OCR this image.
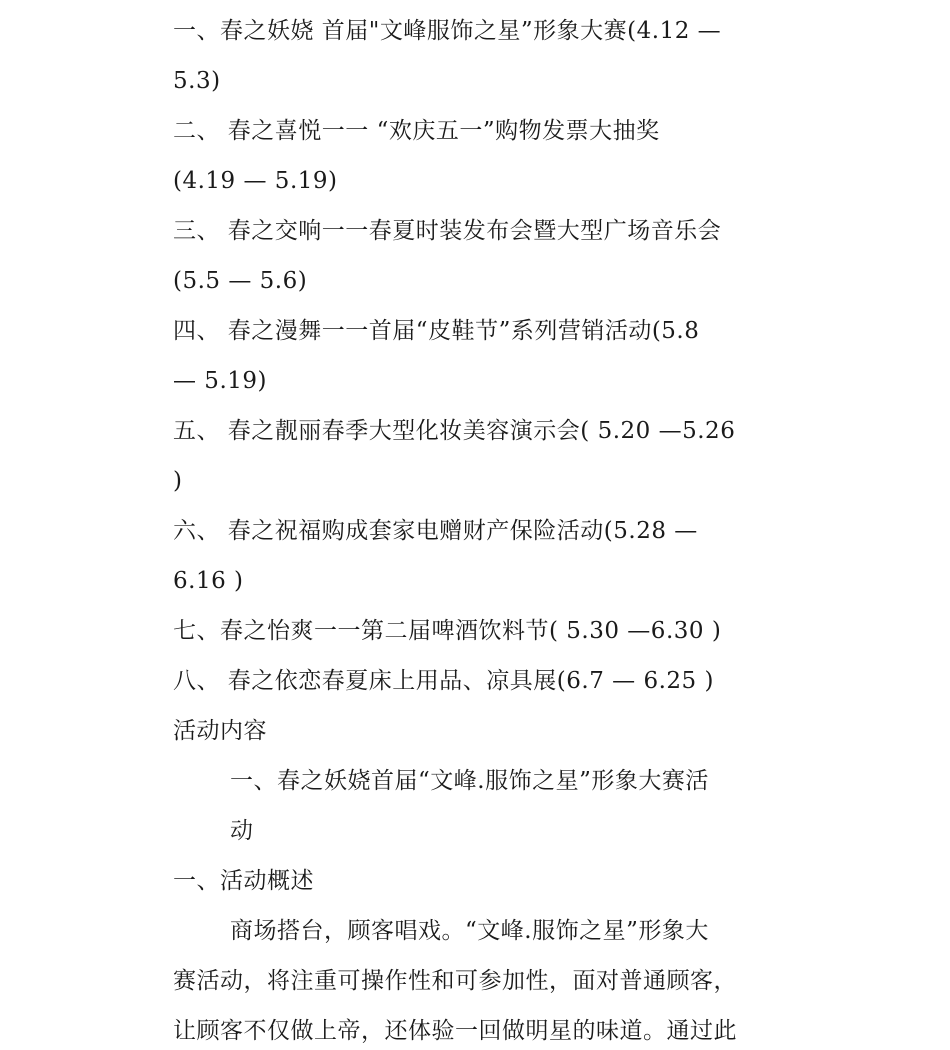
一、春之妖娆 首届"文峰服饰之星”形象大赛(4.12 —
5.3)
二、 春之喜悦一一 “欢庆五一”购物发票大抽奖
(4.19 — 5.19)
三、 春之交响一一春夏时装发布会暨大型广场音乐会
(5.5 — 5.6)
四、 春之漫舞一一首届“皮鞋节”系列营销活动(5.8
— 5.19)
五、 春之靓丽春季大型化妆美容演示会( 5.20 —5.26
)
六、 春之祝福购成套家电赠财产保险活动(5.28 —
6.16 )
七、春之怡爽一一第二届啤酒饮料节( 5.30 —6.30 )
八、 春之依恋春夏床上用品、凉具展(6.7 — 6.25 )
活动内容
一、春之妖娆首届“文峰.服饰之星”形象大赛活
动
一、活动概述
商场搭台，顾客唱戏。“文峰.服饰之星”形象大
赛活动，将注重可操作性和可参加性，面对普通顾客，
让顾客不仅做上帝，还体验一回做明星的味道。通过此
